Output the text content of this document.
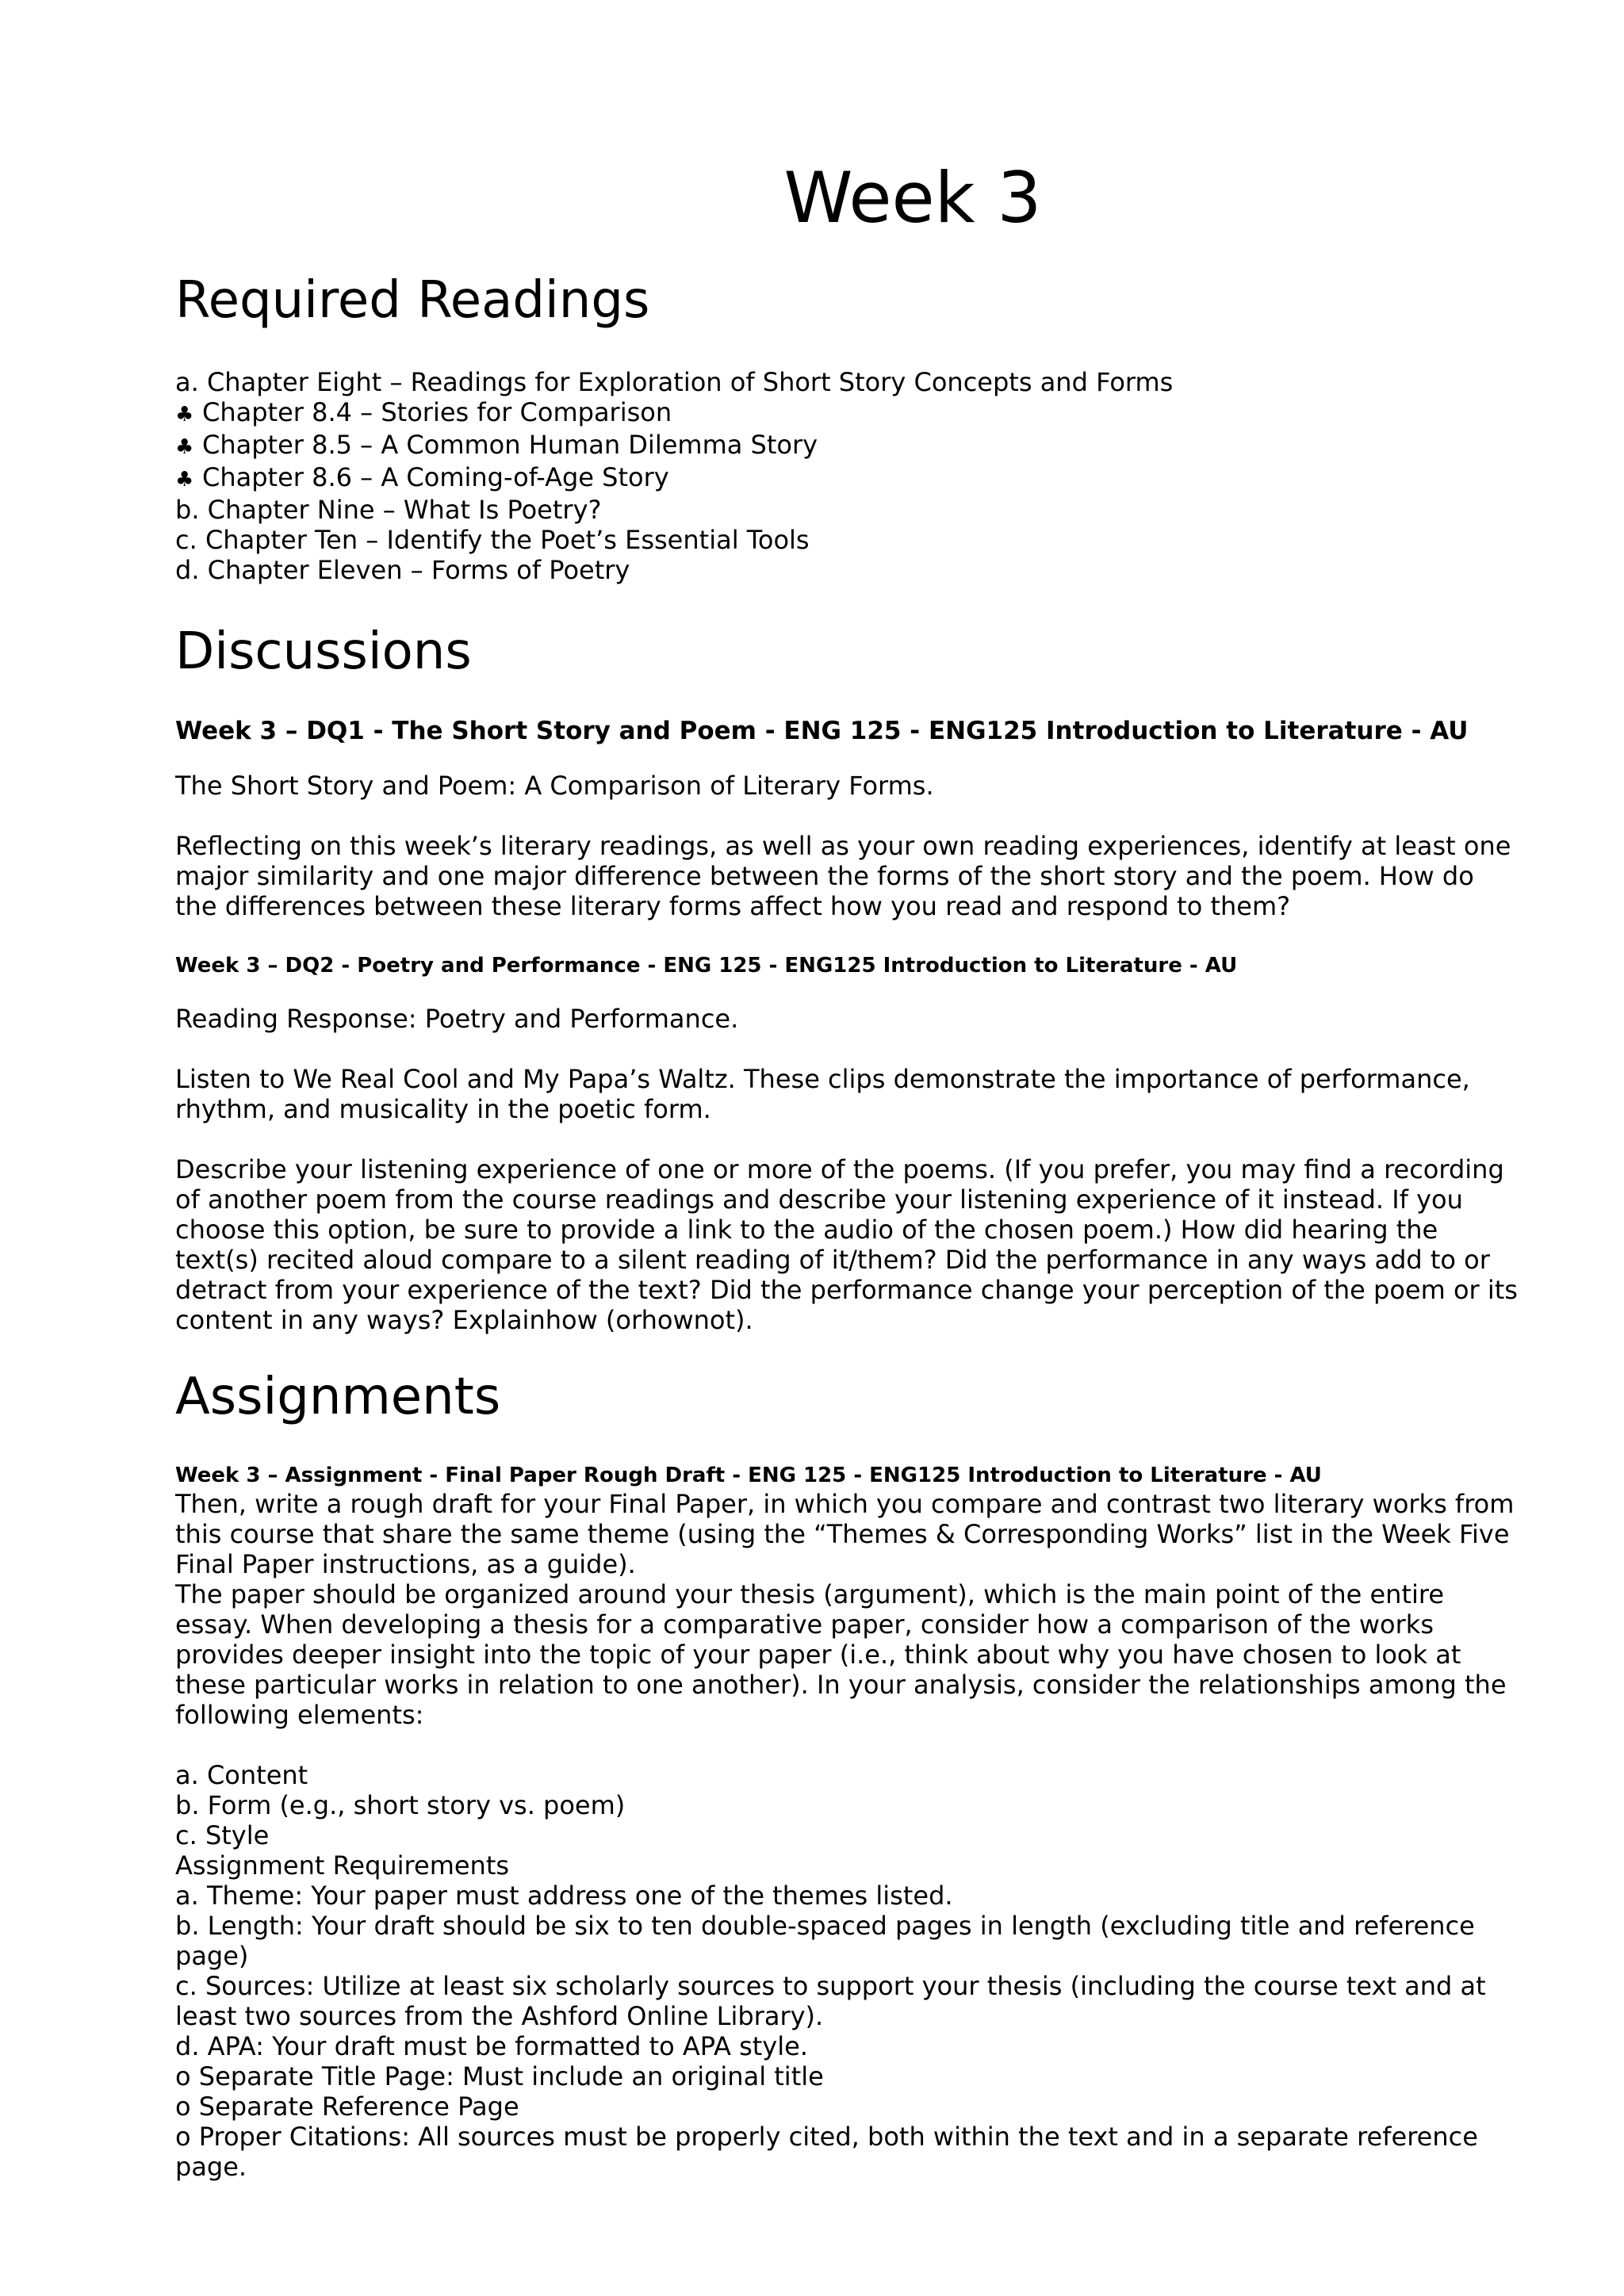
Week 3
Required Readings
a. Chapter Eight – Readings for Exploration of Short Story Concepts and Forms
♣ Chapter 8.4 – Stories for Comparison
♣ Chapter 8.5 – A Common Human Dilemma Story
♣ Chapter 8.6 – A Coming-of-Age Story
b. Chapter Nine – What Is Poetry?
c. Chapter Ten – Identify the Poet’s Essential Tools
d. Chapter Eleven – Forms of Poetry
Discussions
Week 3 – DQ1 - The Short Story and Poem - ENG 125 - ENG125 Introduction to Literature - AU

The Short Story and Poem: A Comparison of Literary Forms.

Reflecting on this week’s literary readings, as well as your own reading experiences, identify at least one major similarity and one major difference between the forms of the short story and the poem. How do the differences between these literary forms affect how you read and respond to them?

Week 3 – DQ2 - Poetry and Performance - ENG 125 - ENG125 Introduction to Literature - AU

Reading Response: Poetry and Performance.

Listen to We Real Cool and My Papa’s Waltz. These clips demonstrate the importance of performance, rhythm, and musicality in the poetic form.

Describe your listening experience of one or more of the poems. (If you prefer, you may find a recording of another poem from the course readings and describe your listening experience of it instead. If you choose this option, be sure to provide a link to the audio of the chosen poem.) How did hearing the text(s) recited aloud compare to a silent reading of it/them? Did the performance in any ways add to or detract from your experience of the text? Did the performance change your perception of the poem or its content in any ways? Explainhow (orhownot).

Assignments
Week 3 – Assignment - Final Paper Rough Draft - ENG 125 - ENG125 Introduction to Literature - AU

Then, write a rough draft for your Final Paper, in which you compare and contrast two literary works from this course that share the same theme (using the “Themes & Corresponding Works” list in the Week Five Final Paper instructions, as a guide).

The paper should be organized around your thesis (argument), which is the main point of the entire essay. When developing a thesis for a comparative paper, consider how a comparison of the works provides deeper insight into the topic of your paper (i.e., think about why you have chosen to look at these particular works in relation to one another). In your analysis, consider the relationships among the following elements:

a. Content

b. Form (e.g., short story vs. poem)

c. Style

Assignment Requirements

a. Theme: Your paper must address one of the themes listed.

b. Length: Your draft should be six to ten double-spaced pages in length (excluding title and reference page)

c. Sources: Utilize at least six scholarly sources to support your thesis (including the course text and at least two sources from the Ashford Online Library).

d. APA: Your draft must be formatted to APA style.

o Separate Title Page: Must include an original title

o Separate Reference Page

o Proper Citations: All sources must be properly cited, both within the text and in a separate reference page.
